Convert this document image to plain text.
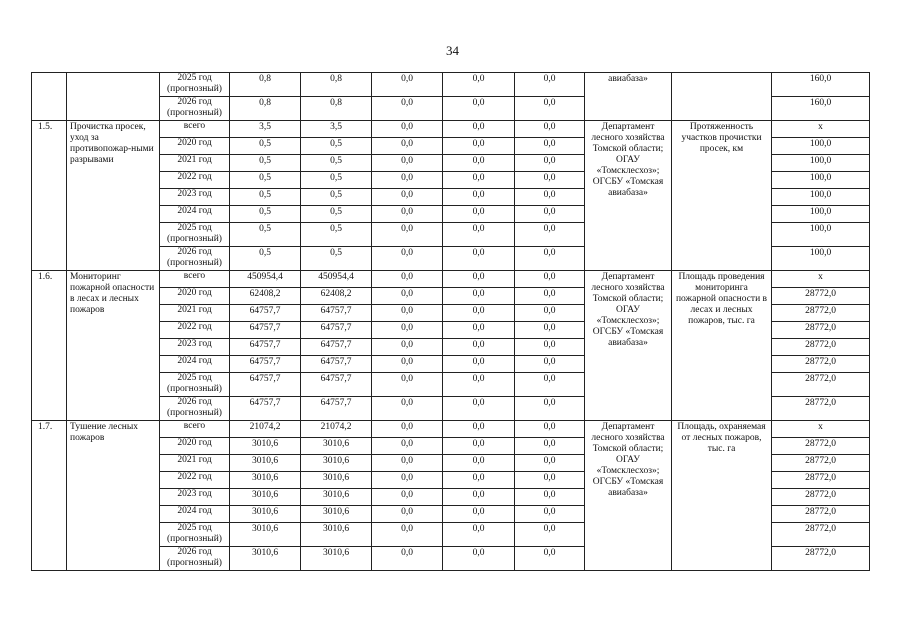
34
		2025 год (прогнозный)	0,8	0,8	0,0	0,0	0,0	авиабаза»		160,0
		2026 год (прогнозный)	0,8	0,8	0,0	0,0	0,0			160,0
1.5.	Прочистка просек, уход за противопожар-ными разрывами	всего	3,5	3,5	0,0	0,0	0,0	Департамент лесного хозяйства Томской области; ОГАУ «Томсклесхоз»; ОГСБУ «Томская авиабаза»	Протяженность участков прочистки просек, км	x
		2020 год	0,5	0,5	0,0	0,0	0,0			100,0
		2021 год	0,5	0,5	0,0	0,0	0,0			100,0
		2022 год	0,5	0,5	0,0	0,0	0,0			100,0
		2023 год	0,5	0,5	0,0	0,0	0,0			100,0
		2024 год	0,5	0,5	0,0	0,0	0,0			100,0
		2025 год (прогнозный)	0,5	0,5	0,0	0,0	0,0			100,0
		2026 год (прогнозный)	0,5	0,5	0,0	0,0	0,0			100,0
1.6.	Мониторинг пожарной опасности в лесах и лесных пожаров	всего	450954,4	450954,4	0,0	0,0	0,0	Департамент лесного хозяйства Томской области; ОГАУ «Томсклесхоз»; ОГСБУ «Томская авиабаза»	Площадь проведения мониторинга пожарной опасности в лесах и лесных пожаров, тыс. га	x
		2020 год	62408,2	62408,2	0,0	0,0	0,0			28772,0
		2021 год	64757,7	64757,7	0,0	0,0	0,0			28772,0
		2022 год	64757,7	64757,7	0,0	0,0	0,0			28772,0
		2023 год	64757,7	64757,7	0,0	0,0	0,0			28772,0
		2024 год	64757,7	64757,7	0,0	0,0	0,0			28772,0
		2025 год (прогнозный)	64757,7	64757,7	0,0	0,0	0,0			28772,0
		2026 год (прогнозный)	64757,7	64757,7	0,0	0,0	0,0			28772,0
1.7.	Тушение лесных пожаров	всего	21074,2	21074,2	0,0	0,0	0,0	Департамент лесного хозяйства Томской области; ОГАУ «Томсклесхоз»; ОГСБУ «Томская авиабаза»	Площадь, охраняемая от лесных пожаров, тыс. га	x
		2020 год	3010,6	3010,6	0,0	0,0	0,0			28772,0
		2021 год	3010,6	3010,6	0,0	0,0	0,0			28772,0
		2022 год	3010,6	3010,6	0,0	0,0	0,0			28772,0
		2023 год	3010,6	3010,6	0,0	0,0	0,0			28772,0
		2024 год	3010,6	3010,6	0,0	0,0	0,0			28772,0
		2025 год (прогнозный)	3010,6	3010,6	0,0	0,0	0,0			28772,0
		2026 год (прогнозный)	3010,6	3010,6	0,0	0,0	0,0			28772,0
